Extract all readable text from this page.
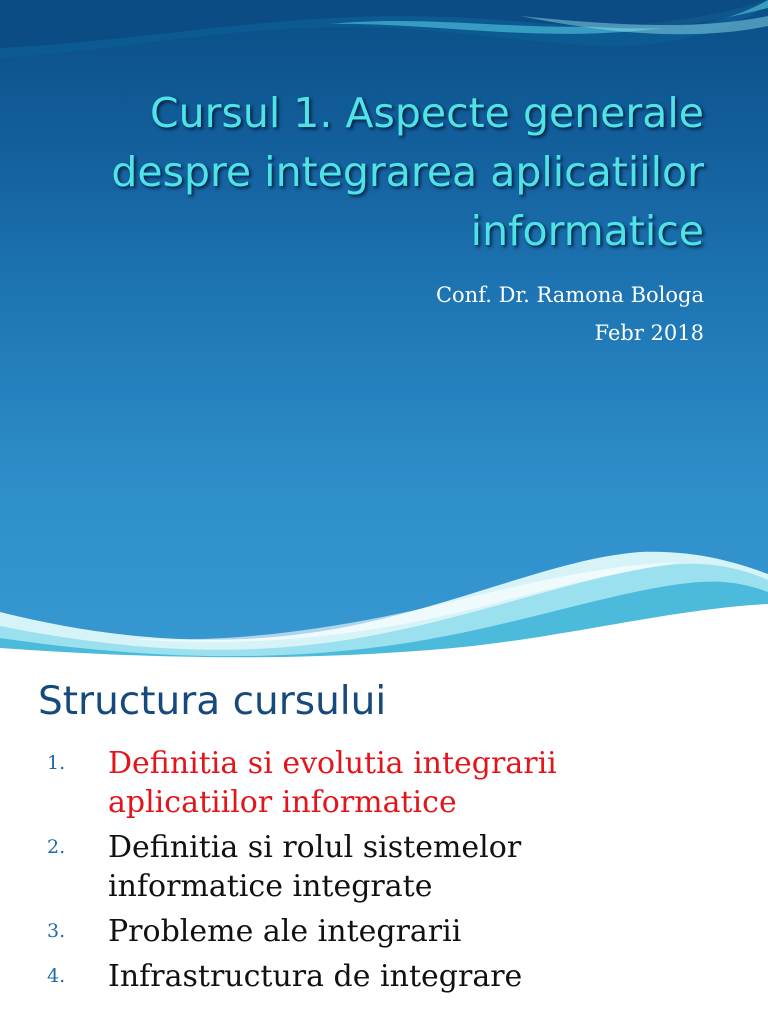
Cursul 1. Aspecte generale
despre integrarea aplicatiilor
informatice
Conf. Dr. Ramona Bologa
Febr 2018
Structura cursului
1. Definitia si evolutia integrarii
aplicatiilor informatice
2. Definitia si rolul sistemelor
informatice integrate
3. Probleme ale integrarii
4. Infrastructura de integrare
